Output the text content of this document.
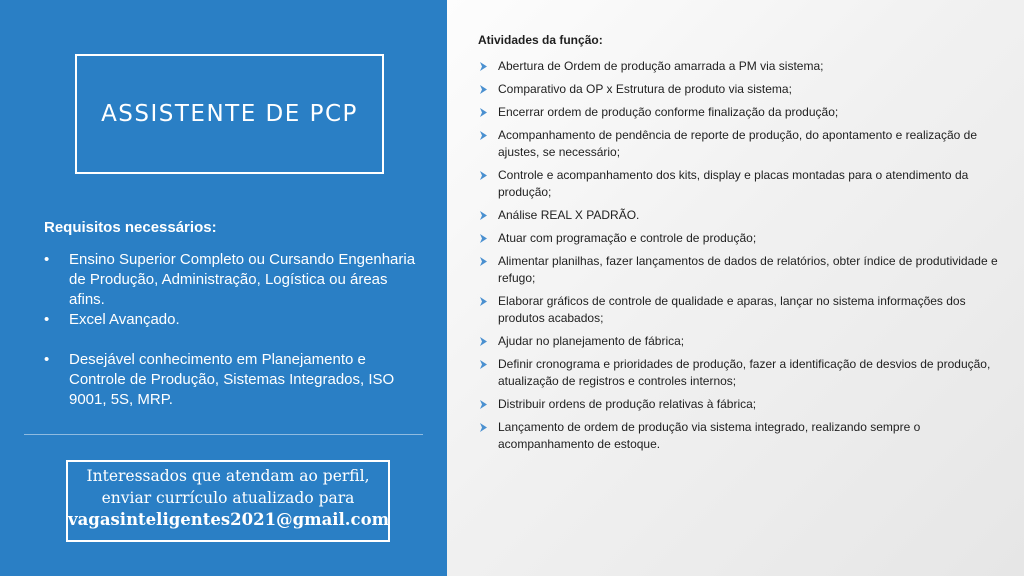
ASSISTENTE DE PCP
Requisitos necessários:
• Ensino Superior Completo ou Cursando Engenharia de Produção, Administração, Logística ou áreas afins.
• Excel Avançado.
• Desejável conhecimento em Planejamento e Controle de Produção, Sistemas Integrados, ISO 9001, 5S, MRP.
Interessados que atendam ao perfil,
enviar currículo atualizado para
vagasinteligentes2021@gmail.com
Atividades da função:
Abertura de Ordem de produção amarrada a PM via sistema;
Comparativo da OP x Estrutura de produto via sistema;
Encerrar ordem de produção conforme finalização da produção;
Acompanhamento de pendência de reporte de produção, do apontamento e realização de ajustes, se necessário;
Controle e acompanhamento dos kits, display e placas montadas para o atendimento da produção;
Análise REAL X PADRÃO.
Atuar com programação e controle de produção;
Alimentar planilhas, fazer lançamentos de dados de relatórios, obter índice de produtividade e refugo;
Elaborar gráficos de controle de qualidade e aparas, lançar no sistema informações dos produtos acabados;
Ajudar no planejamento de fábrica;
Definir cronograma e prioridades de produção, fazer a identificação de desvios de produção, atualização de registros e controles internos;
Distribuir ordens de produção relativas à fábrica;
Lançamento de ordem de produção via sistema integrado, realizando sempre o acompanhamento de estoque.
